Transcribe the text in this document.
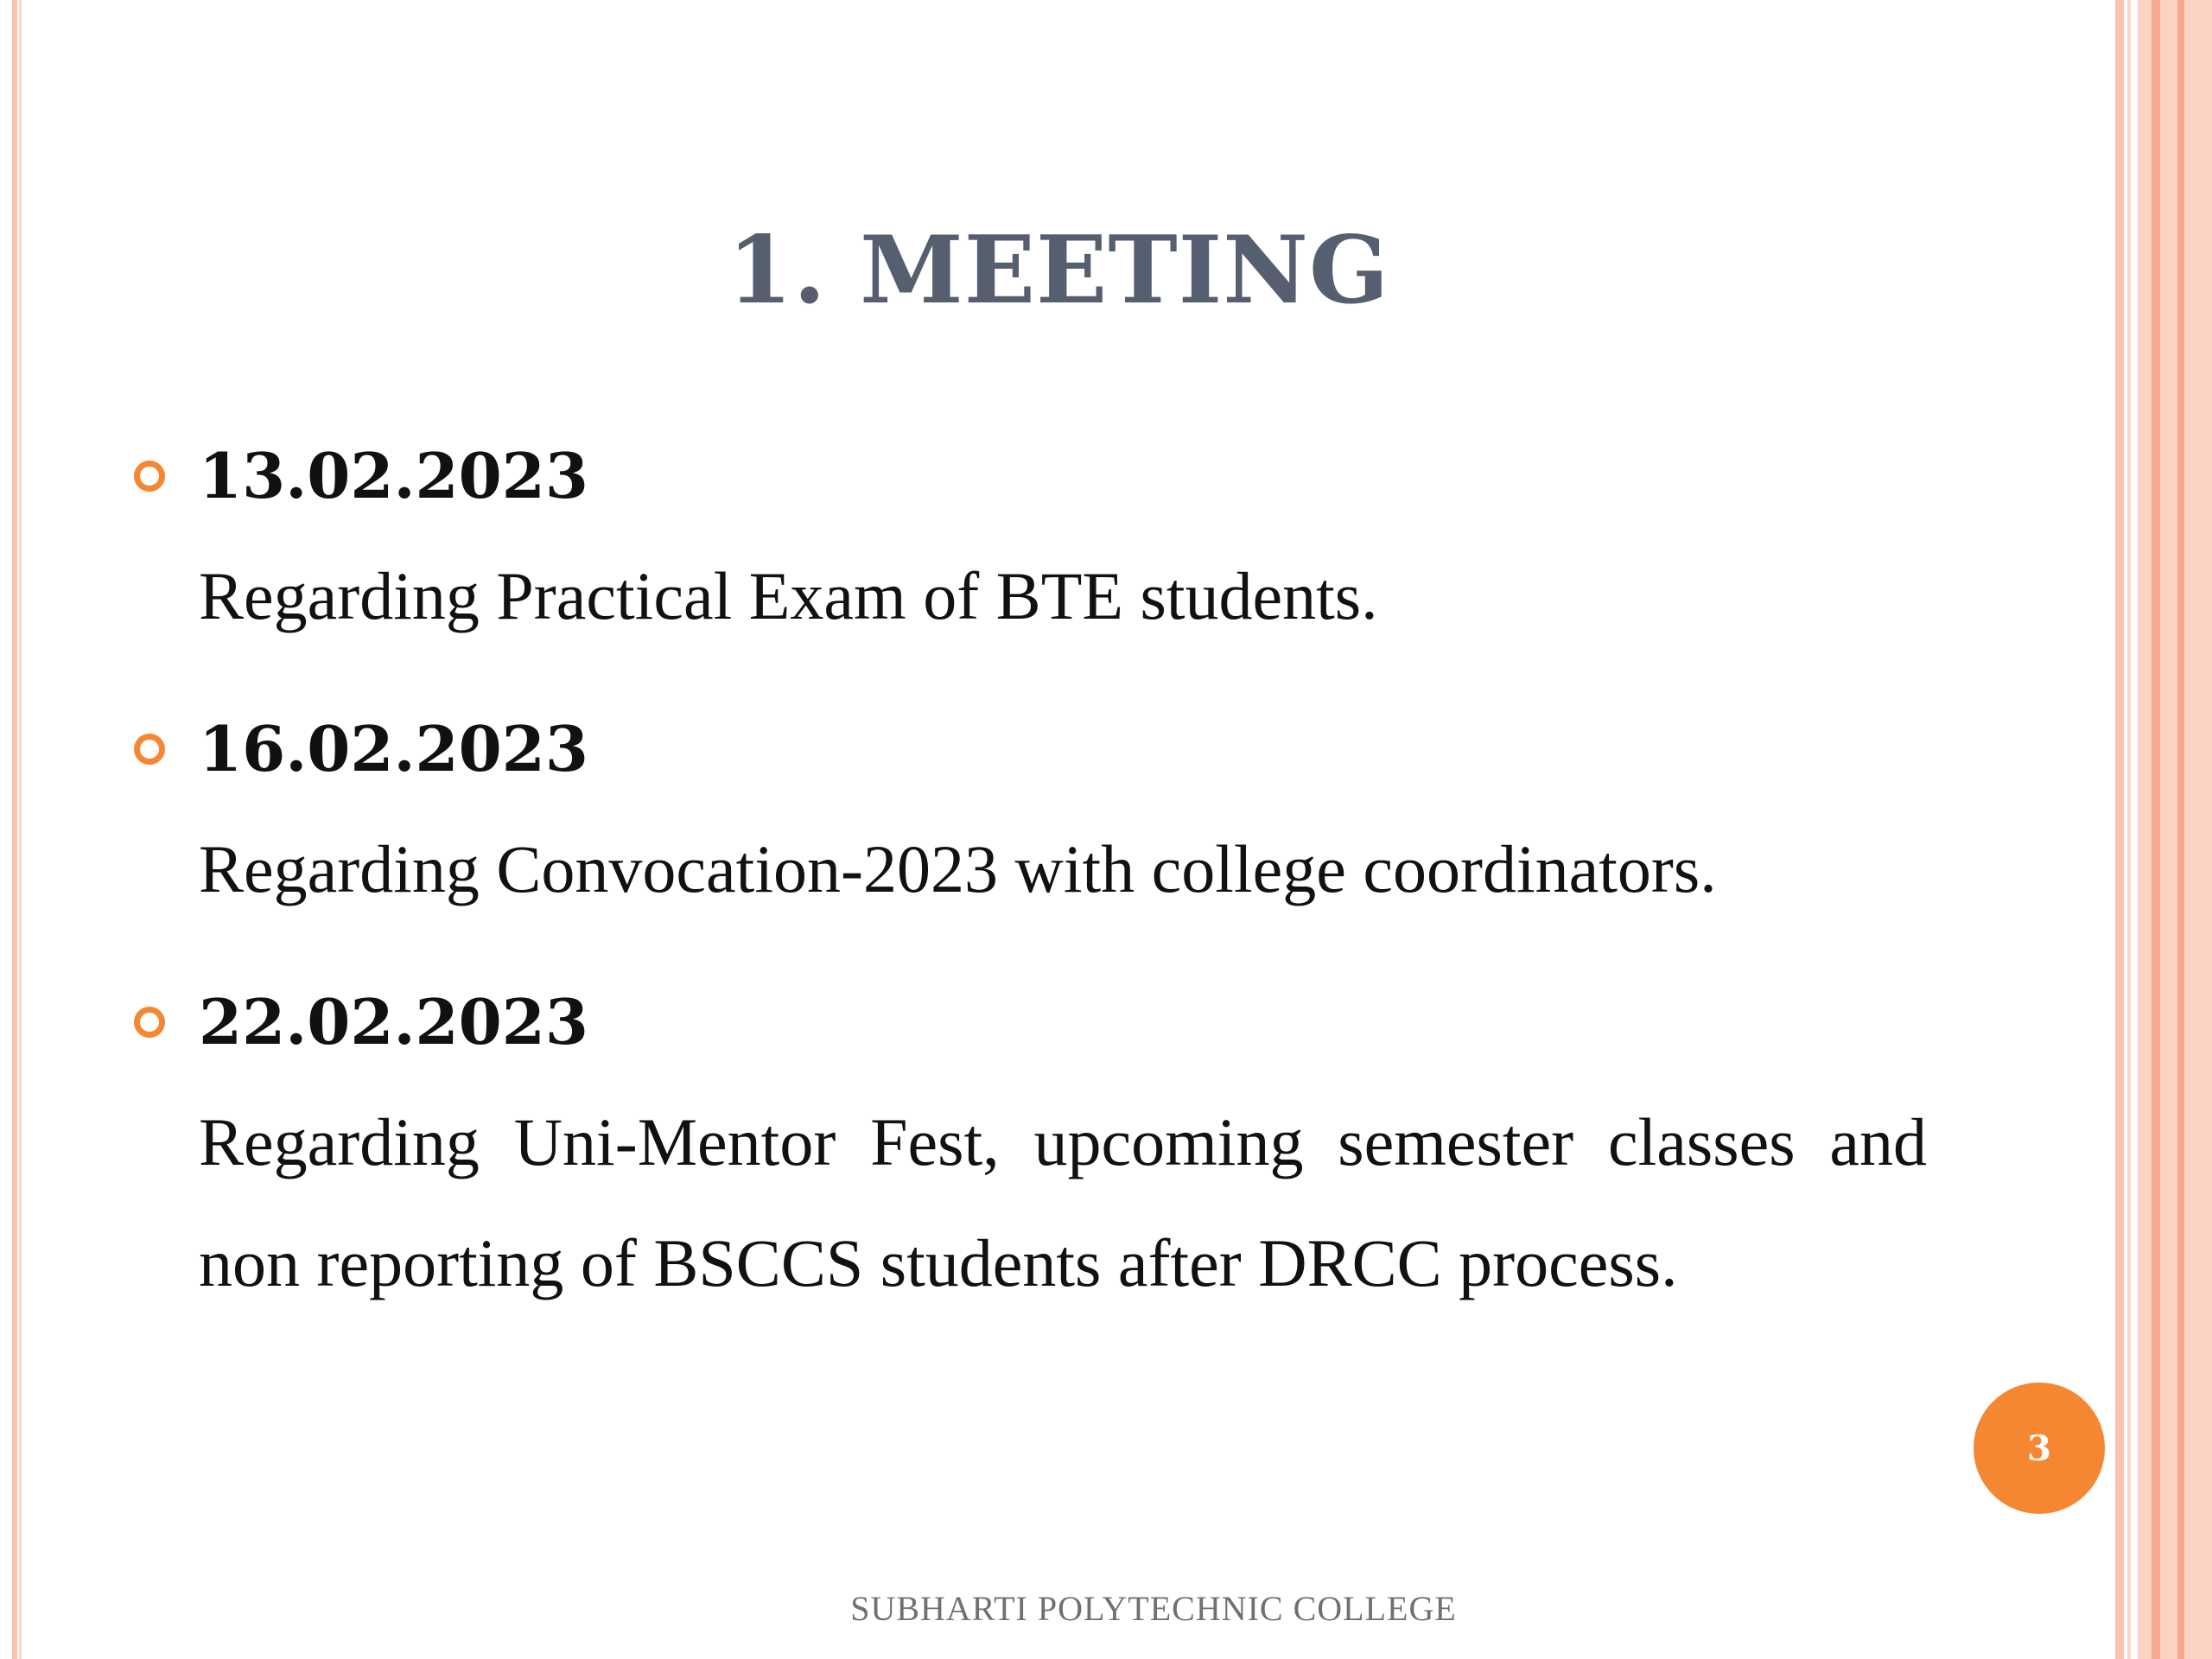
1. MEETING
13.02.2023

Regarding Practical Exam of BTE students.

16.02.2023

Regarding Convocation-2023 with college coordinators.

22.02.2023

Regarding Uni-Mentor Fest, upcoming semester classes and non reporting of BSCCS students after DRCC process.

3
SUBHARTI POLYTECHNIC COLLEGE
